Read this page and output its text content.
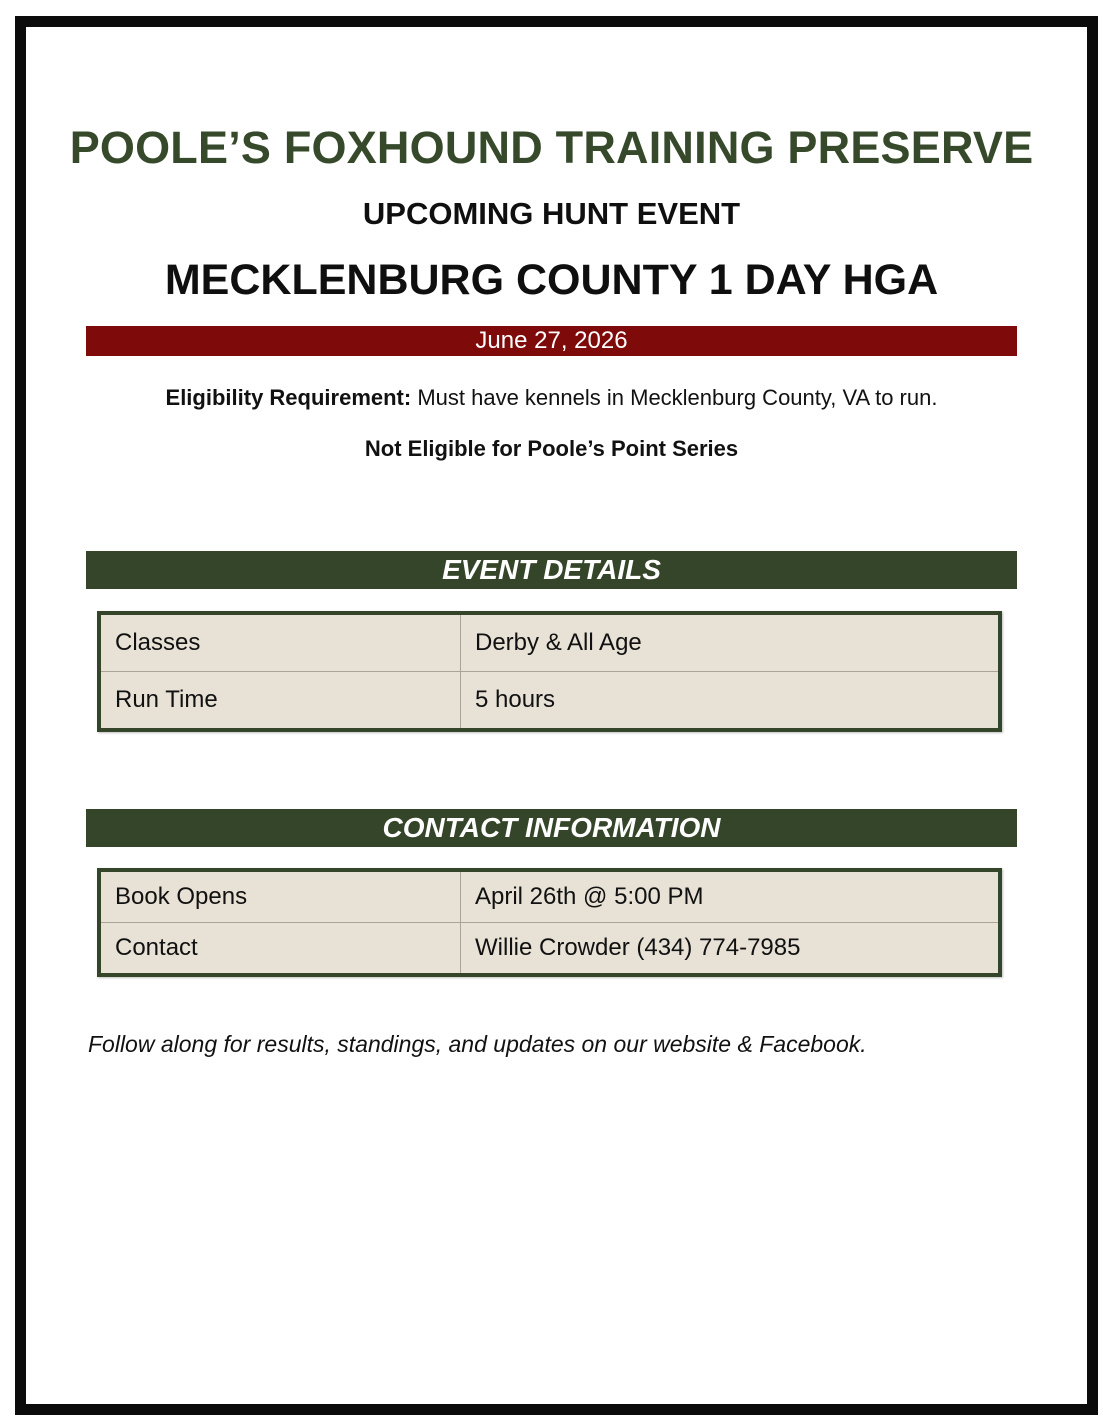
POOLE’S FOXHOUND TRAINING PRESERVE
UPCOMING HUNT EVENT
MECKLENBURG COUNTY 1 DAY HGA
June 27, 2026
Eligibility Requirement: Must have kennels in Mecklenburg County, VA to run.
Not Eligible for Poole’s Point Series
EVENT DETAILS
Classes	Derby & All Age
Run Time	5 hours
CONTACT INFORMATION
Book Opens	April 26th @ 5:00 PM
Contact	Willie Crowder (434) 774-7985
Follow along for results, standings, and updates on our website & Facebook.
